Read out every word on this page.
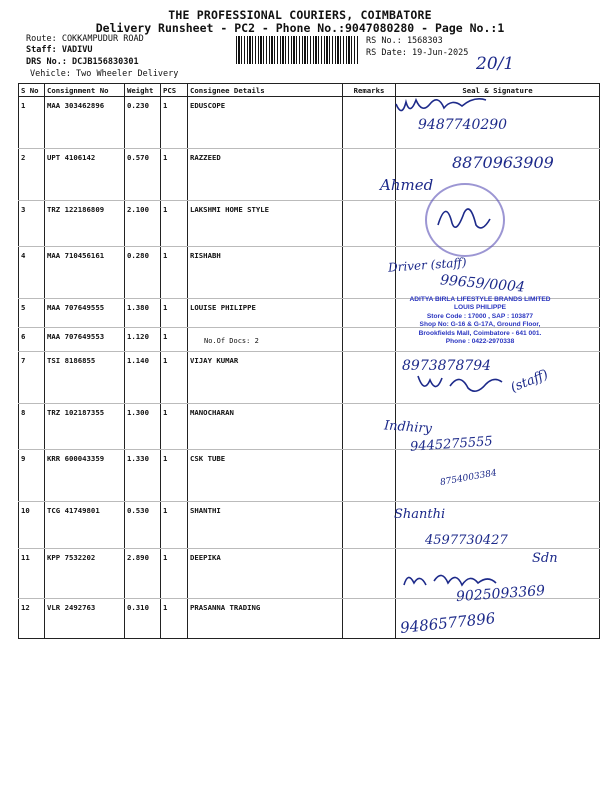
THE PROFESSIONAL COURIERS, COIMBATORE
Delivery Runsheet - PC2 - Phone No.:9047080280 - Page No.:1
Route: COKKAMPUDUR ROAD
Staff: VADIVU
DRS No.: DCJB156830301
Vehicle: Two Wheeler Delivery
RS No.: 1568303
RS Date: 19-Jun-2025
20/1
S No	Consignment No	Weight	PCS	Consignee Details	Remarks	Seal & Signature
1	MAA 303462896	0.230	1	EDUSCOPE		
2	UPT 4106142	0.570	1	RAZZEED		
3	TRZ 122186809	2.100	1	LAKSHMI HOME STYLE		
4	MAA 710456161	0.280	1	RISHABH		
5	MAA 707649555	1.380	1	LOUISE PHILIPPE		
6	MAA 707649553	1.120	1	No.Of Docs: 2		

7	TSI 8186855	1.140	1	VIJAY KUMAR		
8	TRZ 102187355	1.300	1	MANOCHARAN		
9	KRR 600043359	1.330	1	CSK TUBE		
10	TCG 41749801	0.530	1	SHANTHI		
11	KPP 7532202	2.890	1	DEEPIKA		
12	VLR 2492763	0.310	1	PRASANNA TRADING		
ADITYA BIRLA LIFESTYLE BRANDS LIMITED
LOUIS PHILIPPE
Store Code : 17000 , SAP : 103877
Shop No: G-16 & G-17A, Ground Floor,
Brookfields Mall, Coimbatore - 641 001.
Phone : 0422-2970338
9487740290
8870963909
Ahmed
Driver (staff)
99659/0004
8973878794
(staff)
Indhiry
9445275555
8754003384
Shanthi
4597730427
Sdn
9025093369
9486577896
